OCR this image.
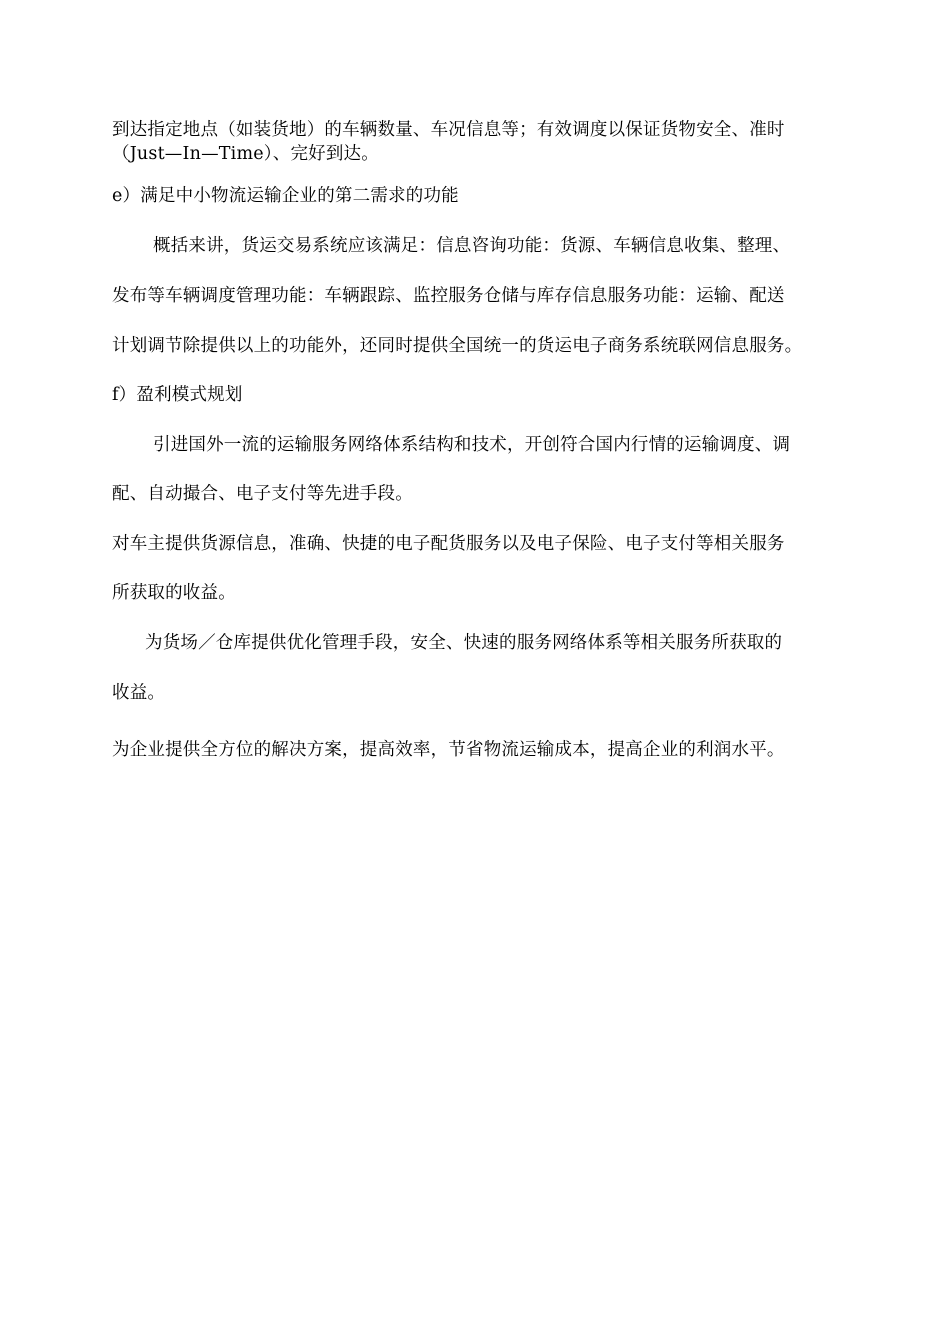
到达指定地点（如装货地）的车辆数量、车况信息等；有效调度以保证货物安全、准时

（Just—In—Time）、完好到达。

e）满足中小物流运输企业的第二需求的功能

概括来讲，货运交易系统应该满足：信息咨询功能：货源、车辆信息收集、整理、

发布等车辆调度管理功能：车辆跟踪、监控服务仓储与库存信息服务功能：运输、配送

计划调节除提供以上的功能外，还同时提供全国统一的货运电子商务系统联网信息服务。

f）盈利模式规划

引进国外一流的运输服务网络体系结构和技术，开创符合国内行情的运输调度、调

配、自动撮合、电子支付等先进手段。

对车主提供货源信息，准确、快捷的电子配货服务以及电子保险、电子支付等相关服务

所获取的收益。

为货场／仓库提供优化管理手段，安全、快速的服务网络体系等相关服务所获取的

收益。

为企业提供全方位的解决方案，提高效率，节省物流运输成本，提高企业的利润水平。
